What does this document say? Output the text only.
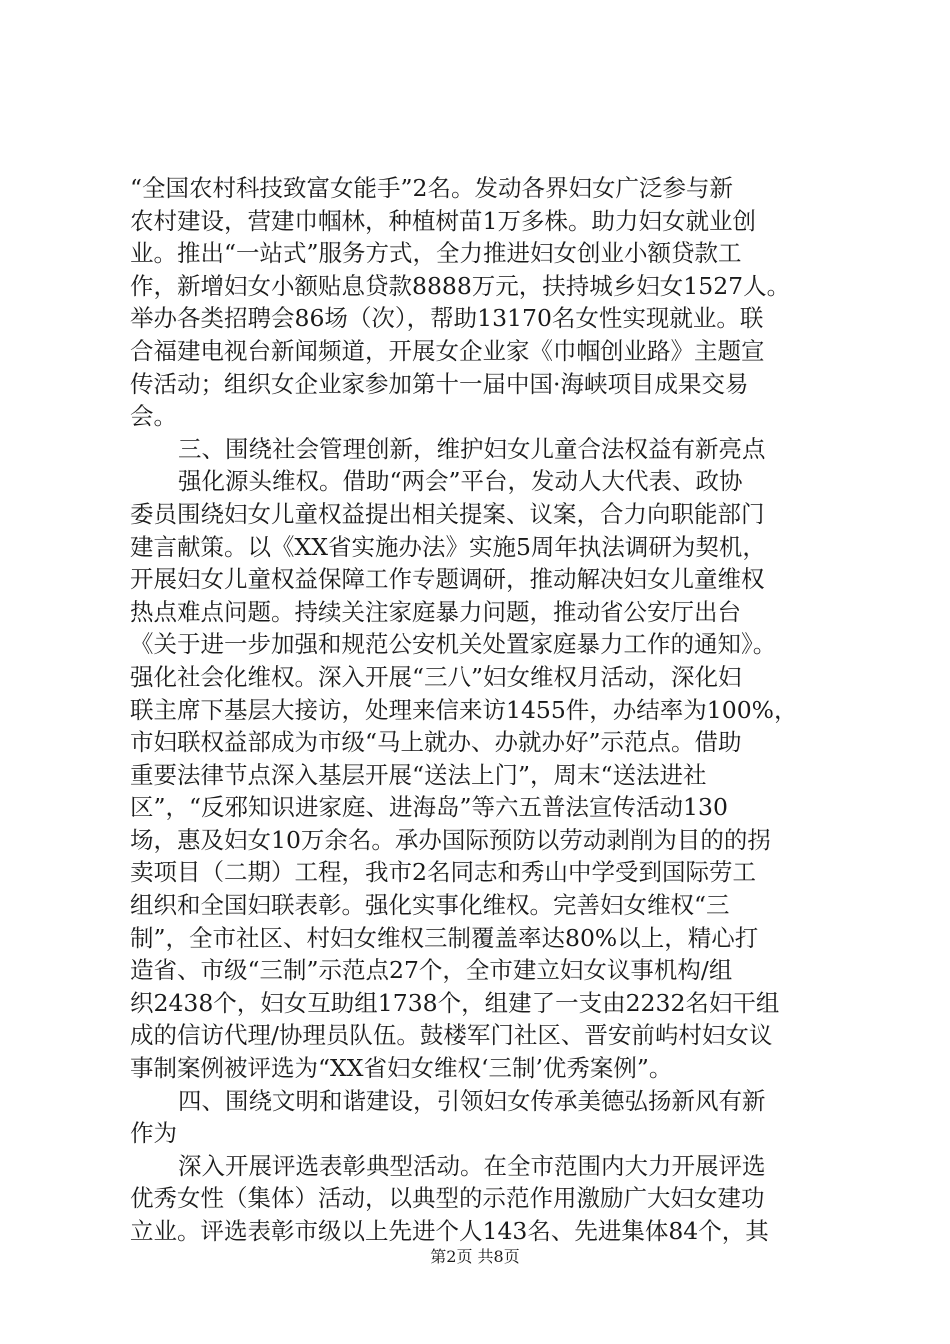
“全国农村科技致富女能手”2名。发动各界妇女广泛参与新
农村建设，营建巾帼林，种植树苗1万多株。助力妇女就业创
业。推出“一站式”服务方式，全力推进妇女创业小额贷款工
作，新增妇女小额贴息贷款8888万元，扶持城乡妇女1527人。
举办各类招聘会86场（次），帮助13170名女性实现就业。联
合福建电视台新闻频道，开展女企业家《巾帼创业路》主题宣
传活动；组织女企业家参加第十一届中国·海峡项目成果交易
会。
三、围绕社会管理创新，维护妇女儿童合法权益有新亮点
强化源头维权。借助“两会”平台，发动人大代表、政协
委员围绕妇女儿童权益提出相关提案、议案，合力向职能部门
建言献策。以《XX省实施办法》实施5周年执法调研为契机，
开展妇女儿童权益保障工作专题调研，推动解决妇女儿童维权
热点难点问题。持续关注家庭暴力问题，推动省公安厅出台
《关于进一步加强和规范公安机关处置家庭暴力工作的通知》。
强化社会化维权。深入开展“三八”妇女维权月活动，深化妇
联主席下基层大接访，处理来信来访1455件，办结率为100%，
市妇联权益部成为市级“马上就办、办就办好”示范点。借助
重要法律节点深入基层开展“送法上门”，周末“送法进社
区”，“反邪知识进家庭、进海岛”等六五普法宣传活动130
场，惠及妇女10万余名。承办国际预防以劳动剥削为目的的拐
卖项目（二期）工程，我市2名同志和秀山中学受到国际劳工
组织和全国妇联表彰。强化实事化维权。完善妇女维权“三
制”，全市社区、村妇女维权三制覆盖率达80%以上，精心打
造省、市级“三制”示范点27个，全市建立妇女议事机构/组
织2438个，妇女互助组1738个，组建了一支由2232名妇干组
成的信访代理/协理员队伍。鼓楼军门社区、晋安前屿村妇女议
事制案例被评选为“XX省妇女维权‘三制’优秀案例”。
四、围绕文明和谐建设，引领妇女传承美德弘扬新风有新
作为
深入开展评选表彰典型活动。在全市范围内大力开展评选
优秀女性（集体）活动，以典型的示范作用激励广大妇女建功
立业。评选表彰市级以上先进个人143名、先进集体84个，其
第2页 共8页
